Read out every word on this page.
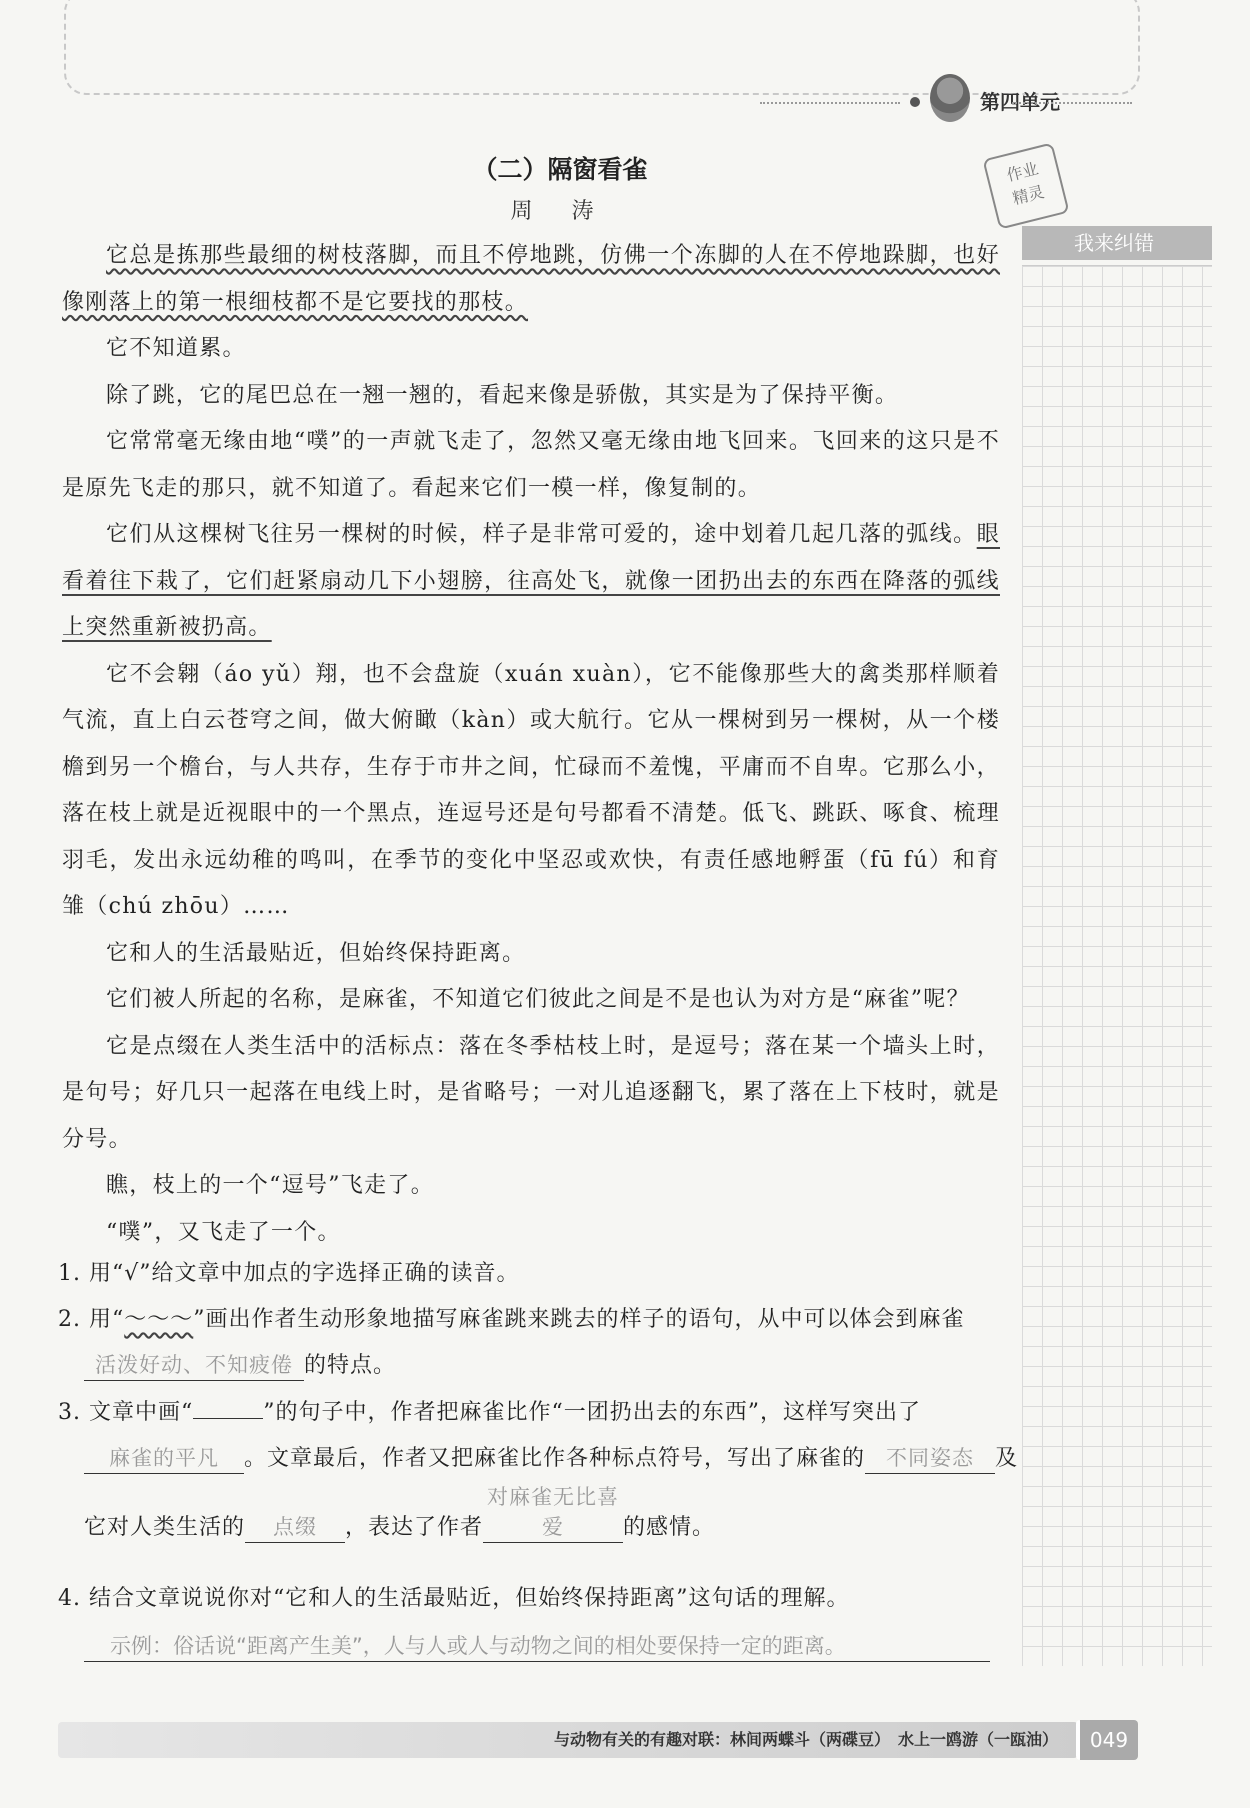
第四单元
作业
精灵
我来纠错
（二）隔窗看雀
周 涛

它总是拣那些最细的树枝落脚，而且不停地跳，仿佛一个冻脚的人在不停地跺脚，也好像刚落上的第一根细枝都不是它要找的那枝。

它不知道累。

除了跳，它的尾巴总在一翘一翘的，看起来像是骄傲，其实是为了保持平衡。

它常常毫无缘由地“噗”的一声就飞走了，忽然又毫无缘由地飞回来。飞回来的这只是不是原先飞走的那只，就不知道了。看起来它们一模一样，像复制的。

它们从这棵树飞往另一棵树的时候，样子是非常可爱的，途中划着几起几落的弧线。眼看着往下栽了，它们赶紧扇动几下小翅膀，往高处飞，就像一团扔出去的东西在降落的弧线上突然重新被扔高。

它不会翱（áo yǔ）翔，也不会盘旋（xuán xuàn），它不能像那些大的禽类那样顺着气流，直上白云苍穹之间，做大俯瞰（kàn）或大航行。它从一棵树到另一棵树，从一个楼檐到另一个檐台，与人共存，生存于市井之间，忙碌而不羞愧，平庸而不自卑。它那么小，落在枝上就是近视眼中的一个黑点，连逗号还是句号都看不清楚。低飞、跳跃、啄食、梳理羽毛，发出永远幼稚的鸣叫，在季节的变化中坚忍或欢快，有责任感地孵蛋（fū fú）和育雏（chú zhōu）……

它和人的生活最贴近，但始终保持距离。

它们被人所起的名称，是麻雀，不知道它们彼此之间是不是也认为对方是“麻雀”呢？

它是点缀在人类生活中的活标点：落在冬季枯枝上时，是逗号；落在某一个墙头上时，是句号；好几只一起落在电线上时，是省略号；一对儿追逐翻飞，累了落在上下枝时，就是分号。

瞧，枝上的一个“逗号”飞走了。

“噗”，又飞走了一个。

1. 用“√”给文章中加点的字选择正确的读音。
2. 用“～～～”画出作者生动形象地描写麻雀跳来跳去的样子的语句，从中可以体会到麻雀活泼好动、不知疲倦 的特点。
3. 文章中画“	”的句子中，作者把麻雀比作“一团扔出去的东西”，这样写突出了麻雀的平凡 。文章最后，作者又把麻雀比作各种标点符号，写出了麻雀的 不同姿态 及它对人类生活的 点缀 ，表达了作者对麻雀无比喜爱	的感情。
4. 结合文章说说你对“它和人的生活最贴近，但始终保持距离”这句话的理解。
示例：俗话说“距离产生美”，人与人或人与动物之间的相处要保持一定的距离。
与动物有关的有趣对联：林间两蝶斗（两碟豆）　水上一鸥游（一瓯油）	049
